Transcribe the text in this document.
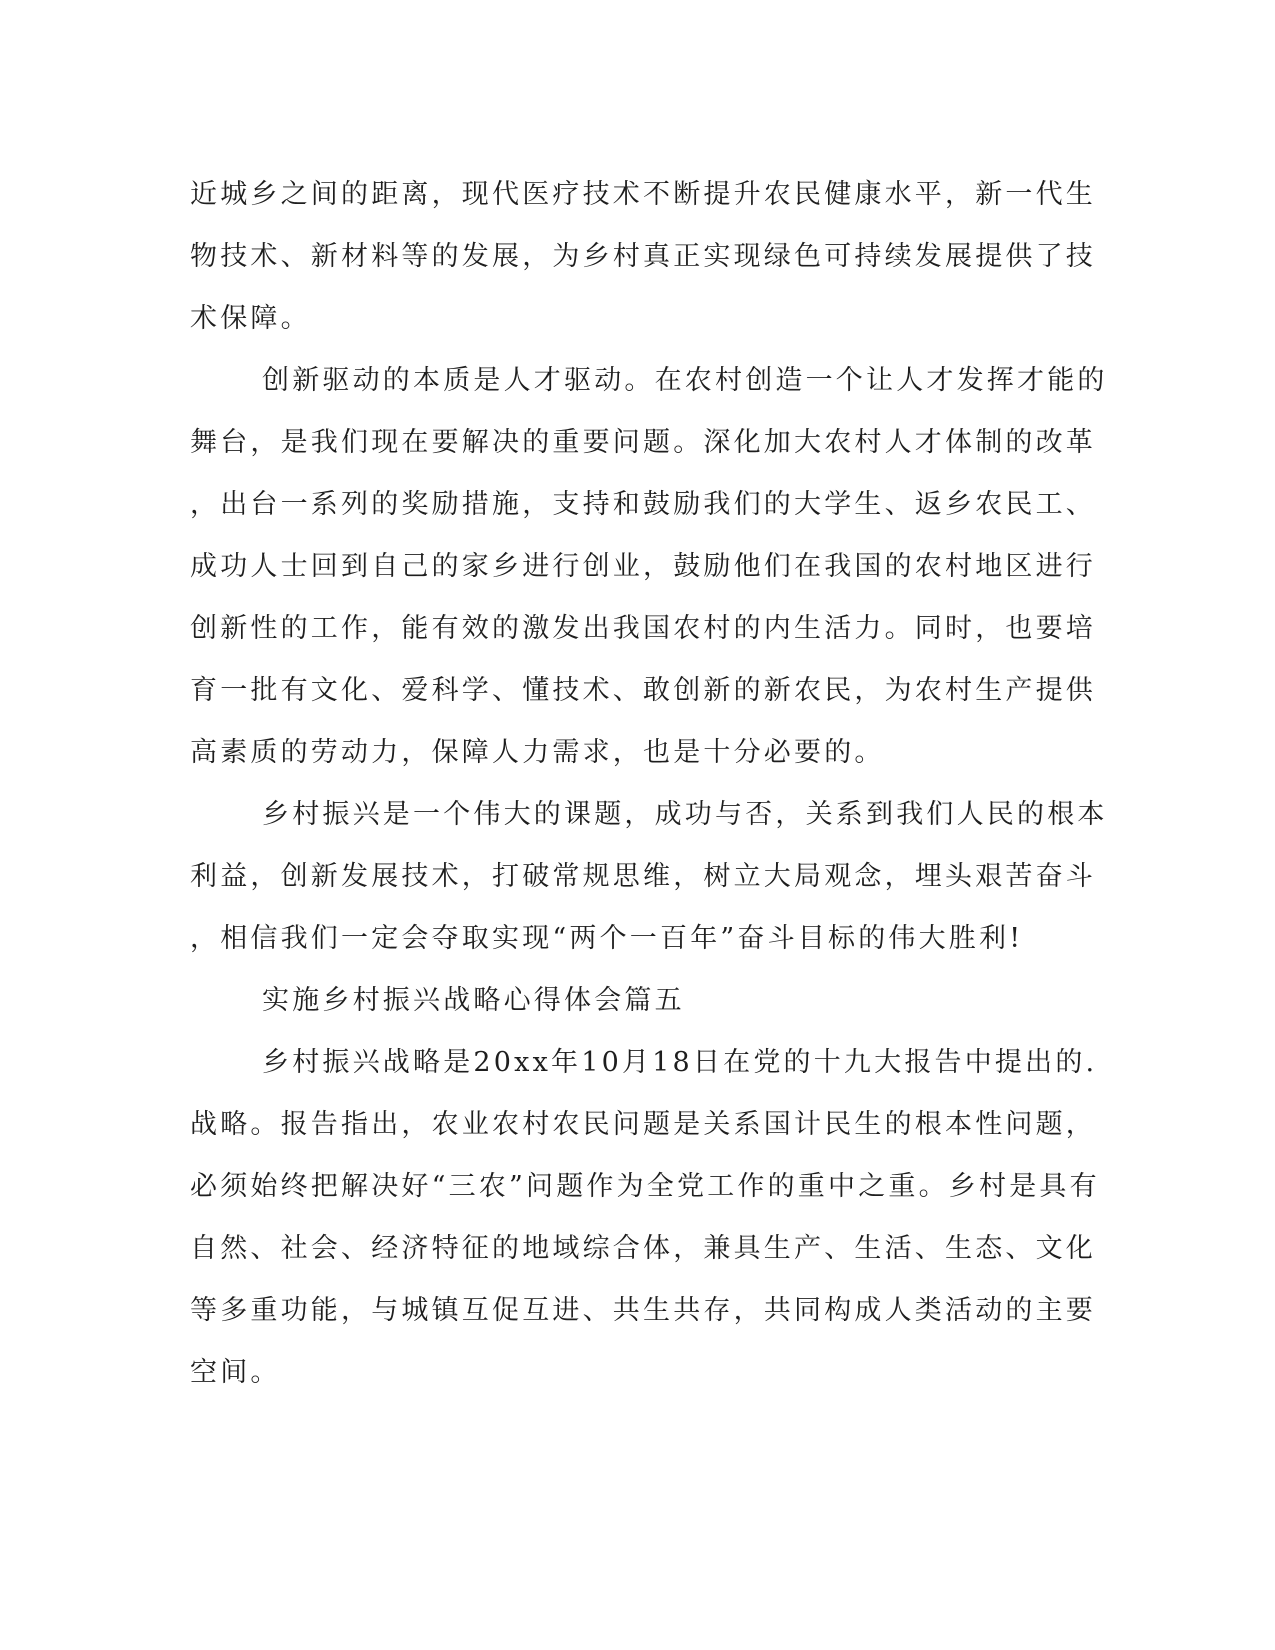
近城乡之间的距离，现代医疗技术不断提升农民健康水平，新一代生
物技术、新材料等的发展，为乡村真正实现绿色可持续发展提供了技
术保障。
创新驱动的本质是人才驱动。在农村创造一个让人才发挥才能的
舞台，是我们现在要解决的重要问题。深化加大农村人才体制的改革
，出台一系列的奖励措施，支持和鼓励我们的大学生、返乡农民工、
成功人士回到自己的家乡进行创业，鼓励他们在我国的农村地区进行
创新性的工作，能有效的激发出我国农村的内生活力。同时，也要培
育一批有文化、爱科学、懂技术、敢创新的新农民，为农村生产提供
高素质的劳动力，保障人力需求，也是十分必要的。
乡村振兴是一个伟大的课题，成功与否，关系到我们人民的根本
利益，创新发展技术，打破常规思维，树立大局观念，埋头艰苦奋斗
，相信我们一定会夺取实现“两个一百年”奋斗目标的伟大胜利!
实施乡村振兴战略心得体会篇五
乡村振兴战略是20xx年10月18日在党的十九大报告中提出的.
战略。报告指出，农业农村农民问题是关系国计民生的根本性问题，
必须始终把解决好“三农”问题作为全党工作的重中之重。乡村是具有
自然、社会、经济特征的地域综合体，兼具生产、生活、生态、文化
等多重功能，与城镇互促互进、共生共存，共同构成人类活动的主要
空间。
